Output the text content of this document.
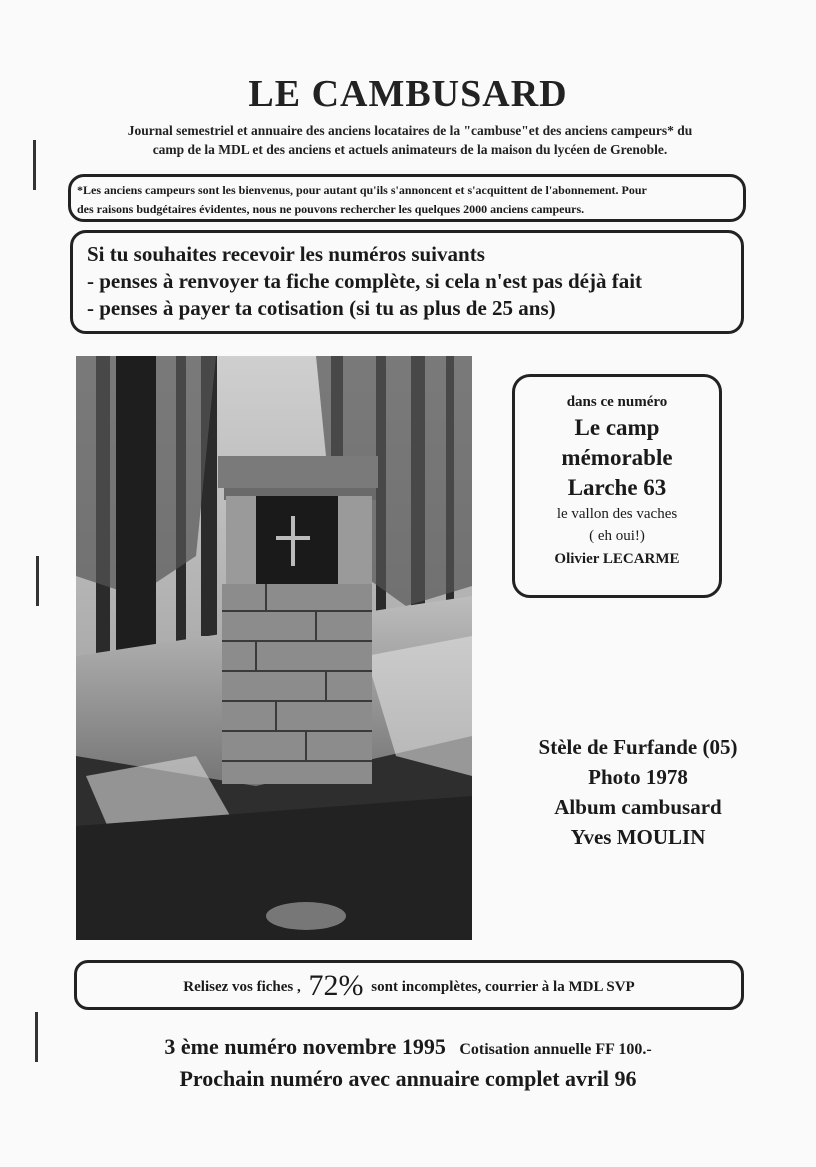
LE CAMBUSARD
Journal semestriel et annuaire des anciens locataires de la "cambuse"et des anciens campeurs* du
camp de la MDL et des anciens et actuels animateurs de la maison du lycéen de Grenoble.
*Les anciens campeurs sont les bienvenus, pour autant qu'ils s'annoncent et s'acquittent de l'abonnement. Pour
des raisons budgétaires évidentes, nous ne pouvons rechercher les quelques 2000 anciens campeurs.
Si tu souhaites recevoir les numéros suivants
- penses à renvoyer ta fiche complète, si cela n'est pas déjà fait
- penses à payer ta cotisation (si tu as plus de 25 ans)
dans ce numéro
Le camp
mémorable
Larche 63
le vallon des vaches
( eh oui!)
Olivier LECARME
Stèle de Furfande (05)
Photo 1978
Album cambusard
Yves MOULIN
Relisez vos fiches , 72% sont incomplètes, courrier à la MDL SVP
3 ème numéro novembre 1995 Cotisation annuelle FF 100.-
Prochain numéro avec annuaire complet avril 96
